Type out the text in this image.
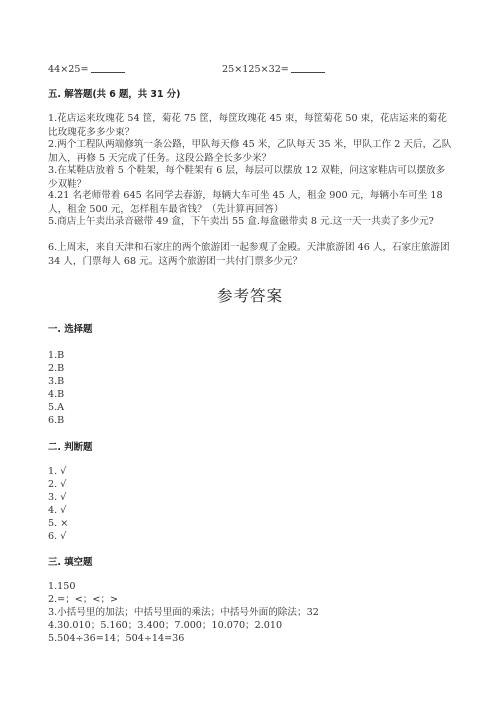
44×25=	25×125×32=
五. 解答题(共 6 题，共 31 分)
1.花店运来玫瑰花 54 筐，菊花 75 筐，每筐玫瑰花 45 束，每筐菊花 50 束，花店运来的菊花比玫瑰花多多少束？
2.两个工程队两端修筑一条公路，甲队每天修 45 米，乙队每天 35 米，甲队工作 2 天后，乙队加入，再修 5 天完成了任务。这段公路全长多少米？
3.在某鞋店放着 5 个鞋架，每个鞋架有 6 层，每层可以摆放 12 双鞋，问这家鞋店可以摆放多少双鞋？
4.21 名老师带着 645 名同学去春游，每辆大车可坐 45 人，租金 900 元，每辆小车可坐 18 人，租金 500 元，怎样租车最省钱？（先计算再回答）
5.商店上午卖出录音磁带 49 盒，下午卖出 55 盒.每盒磁带卖 8 元.这一天一共卖了多少元?
6.上周末，来自天津和石家庄的两个旅游团一起参观了金殿。天津旅游团 46 人，石家庄旅游团 34 人，门票每人 68 元。这两个旅游团一共付门票多少元？
参考答案
一. 选择题
1.B
2.B
3.B
4.B
5.A
6.B
二. 判断题
1. √
2. √
3. √
4. √
5. ×
6. √
三. 填空题
1.150
2.=；<；<；>
3.小括号里的加法；中括号里面的乘法；中括号外面的除法；32
4.30.010；5.160；3.400；7.000；10.070；2.010
5.504÷36=14；504÷14=36
